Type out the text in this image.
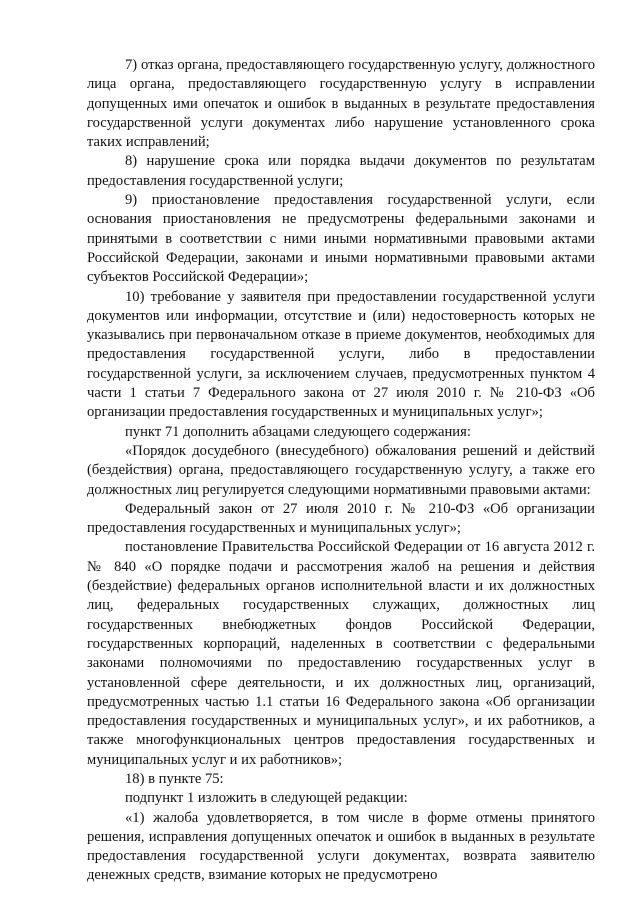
7) отказ органа, предоставляющего государственную услугу, должностного лица органа, предоставляющего государственную услугу в исправлении допущенных ими опечаток и ошибок в выданных в результате предоставления государственной услуги документах либо нарушение установленного срока таких исправлений;

8) нарушение срока или порядка выдачи документов по результатам предоставления государственной услуги;

9) приостановление предоставления государственной услуги, если основания приостановления не предусмотрены федеральными законами и принятыми в соответствии с ними иными нормативными правовыми актами Российской Федерации, законами и иными нормативными правовыми актами субъектов Российской Федерации»;

10) требование у заявителя при предоставлении государственной услуги документов или информации, отсутствие и (или) недостоверность которых не указывались при первоначальном отказе в приеме документов, необходимых для предоставления государственной услуги, либо в предоставлении государственной услуги, за исключением случаев, предусмотренных пунктом 4 части 1 статьи 7 Федерального закона от 27 июля 2010 г. № 210-ФЗ «Об организации предоставления государственных и муниципальных услуг»;

пункт 71 дополнить абзацами следующего содержания:

«Порядок досудебного (внесудебного) обжалования решений и действий (бездействия) органа, предоставляющего государственную услугу, а также его должностных лиц регулируется следующими нормативными правовыми актами:

Федеральный закон от 27 июля 2010 г. № 210-ФЗ «Об организации предоставления государственных и муниципальных услуг»;

постановление Правительства Российской Федерации от 16 августа 2012 г. № 840 «О порядке подачи и рассмотрения жалоб на решения и действия (бездействие) федеральных органов исполнительной власти и их должностных лиц, федеральных государственных служащих, должностных лиц государственных внебюджетных фондов Российской Федерации, государственных корпораций, наделенных в соответствии с федеральными законами полномочиями по предоставлению государственных услуг в установленной сфере деятельности, и их должностных лиц, организаций, предусмотренных частью 1.1 статьи 16 Федерального закона «Об организации предоставления государственных и муниципальных услуг», и их работников, а также многофункциональных центров предоставления государственных и муниципальных услуг и их работников»;

18) в пункте 75:

подпункт 1 изложить в следующей редакции:

«1) жалоба удовлетворяется, в том числе в форме отмены принятого решения, исправления допущенных опечаток и ошибок в выданных в результате предоставления государственной услуги документах, возврата заявителю денежных средств, взимание которых не предусмотрено
